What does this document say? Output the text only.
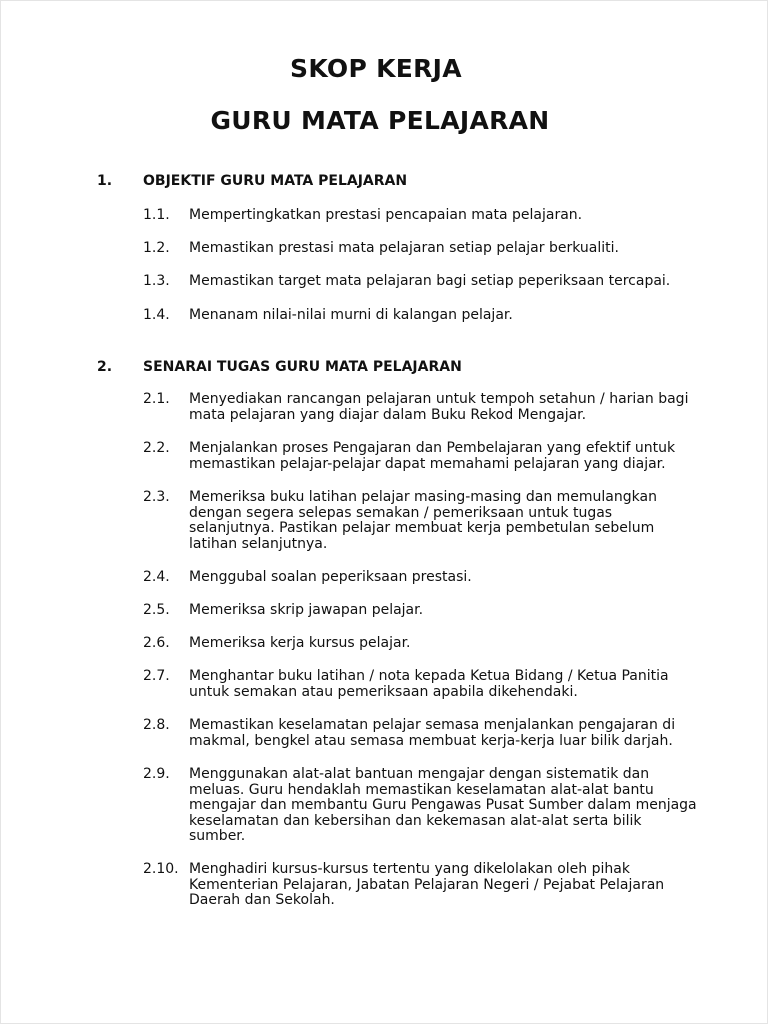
SKOP KERJA
GURU MATA PELAJARAN
1. OBJEKTIF GURU MATA PELAJARAN
1.1. Mempertingkatkan prestasi pencapaian mata pelajaran.
1.2. Memastikan prestasi mata pelajaran setiap pelajar berkualiti.
1.3. Memastikan target mata pelajaran bagi setiap peperiksaan tercapai.
1.4. Menanam nilai-nilai murni di kalangan pelajar.
2. SENARAI TUGAS GURU MATA PELAJARAN
2.1. Menyediakan rancangan pelajaran untuk tempoh setahun / harian bagi
mata pelajaran yang diajar dalam Buku Rekod Mengajar.
2.2. Menjalankan proses Pengajaran dan Pembelajaran yang efektif untuk
memastikan pelajar-pelajar dapat memahami pelajaran yang diajar.
2.3. Memeriksa buku latihan pelajar masing-masing dan memulangkan
dengan segera selepas semakan / pemeriksaan untuk tugas
selanjutnya. Pastikan pelajar membuat kerja pembetulan sebelum
latihan selanjutnya.
2.4. Menggubal soalan peperiksaan prestasi.
2.5. Memeriksa skrip jawapan pelajar.
2.6. Memeriksa kerja kursus pelajar.
2.7. Menghantar buku latihan / nota kepada Ketua Bidang / Ketua Panitia
untuk semakan atau pemeriksaan apabila dikehendaki.
2.8. Memastikan keselamatan pelajar semasa menjalankan pengajaran di
makmal, bengkel atau semasa membuat kerja-kerja luar bilik darjah.
2.9. Menggunakan alat-alat bantuan mengajar dengan sistematik dan
meluas. Guru hendaklah memastikan keselamatan alat-alat bantu
mengajar dan membantu Guru Pengawas Pusat Sumber dalam menjaga
keselamatan dan kebersihan dan kekemasan alat-alat serta bilik
sumber.
2.10. Menghadiri kursus-kursus tertentu yang dikelolakan oleh pihak
Kementerian Pelajaran, Jabatan Pelajaran Negeri / Pejabat Pelajaran
Daerah dan Sekolah.
